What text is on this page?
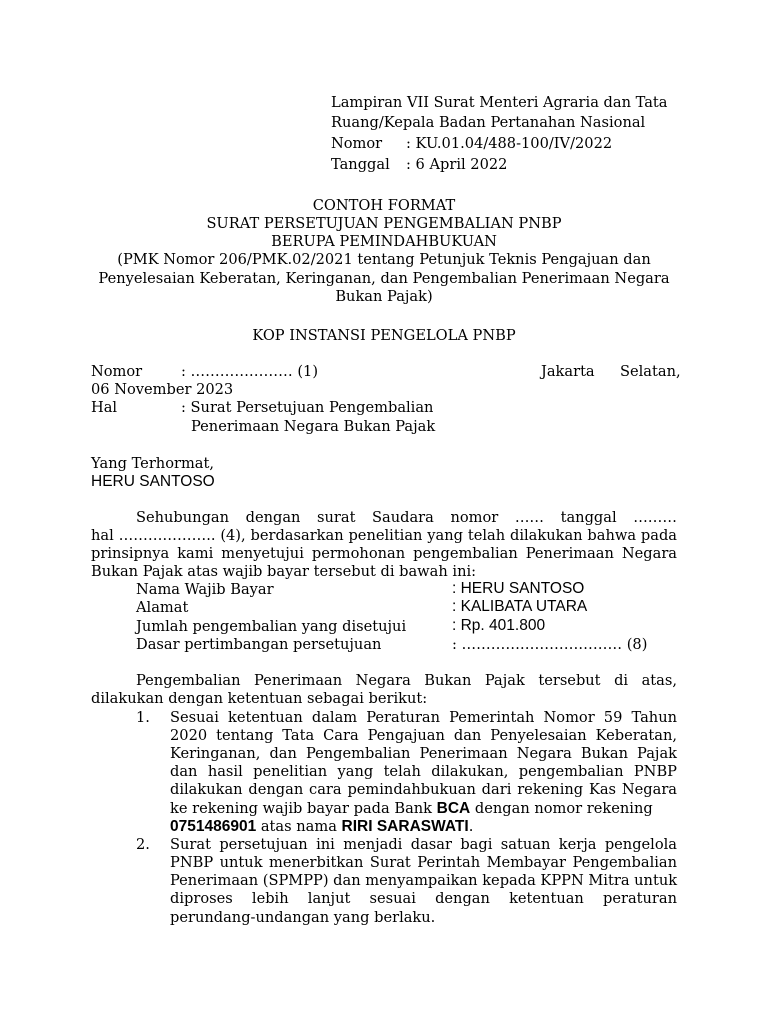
Lampiran VII Surat Menteri Agraria dan Tata
Ruang/Kepala Badan Pertanahan Nasional
Nomor : KU.01.04/488-100/IV/2022
Tanggal : 6 April 2022
CONTOH FORMAT
SURAT PERSETUJUAN PENGEMBALIAN PNBP
BERUPA PEMINDAHBUKUAN
(PMK Nomor 206/PMK.02/2021 tentang Petunjuk Teknis Pengajuan dan
Penyelesaian Keberatan, Keringanan, dan Pengembalian Penerimaan Negara
Bukan Pajak)
KOP INSTANSI PENGELOLA PNBP
Nomor	: ………………… (1)	Jakarta Selatan,
06 November 2023
Hal	: Surat Persetujuan Pengembalian
Penerimaan Negara Bukan Pajak
Yang Terhormat,
HERU SANTOSO
Sehubungan dengan surat Saudara nomor …… tanggal ………
hal ……………….. (4), berdasarkan penelitian yang telah dilakukan bahwa pada
prinsipnya kami menyetujui permohonan pengembalian Penerimaan Negara
Bukan Pajak atas wajib bayar tersebut di bawah ini:
Nama Wajib Bayar	: HERU SANTOSO
Alamat	: KALIBATA UTARA
Jumlah pengembalian yang disetujui	: Rp. 401.800
Dasar pertimbangan persetujuan	: …………………………… (8)
Pengembalian Penerimaan Negara Bukan Pajak tersebut di atas,
dilakukan dengan ketentuan sebagai berikut:
1. Sesuai ketentuan dalam Peraturan Pemerintah Nomor 59 Tahun
2020 tentang Tata Cara Pengajuan dan Penyelesaian Keberatan,
Keringanan, dan Pengembalian Penerimaan Negara Bukan Pajak
dan hasil penelitian yang telah dilakukan, pengembalian PNBP
dilakukan dengan cara pemindahbukuan dari rekening Kas Negara
ke rekening wajib bayar pada Bank BCA dengan nomor rekening
0751486901 atas nama RIRI SARASWATI.
2. Surat persetujuan ini menjadi dasar bagi satuan kerja pengelola
PNBP untuk menerbitkan Surat Perintah Membayar Pengembalian
Penerimaan (SPMPP) dan menyampaikan kepada KPPN Mitra untuk
diproses lebih lanjut sesuai dengan ketentuan peraturan
perundang-undangan yang berlaku.
